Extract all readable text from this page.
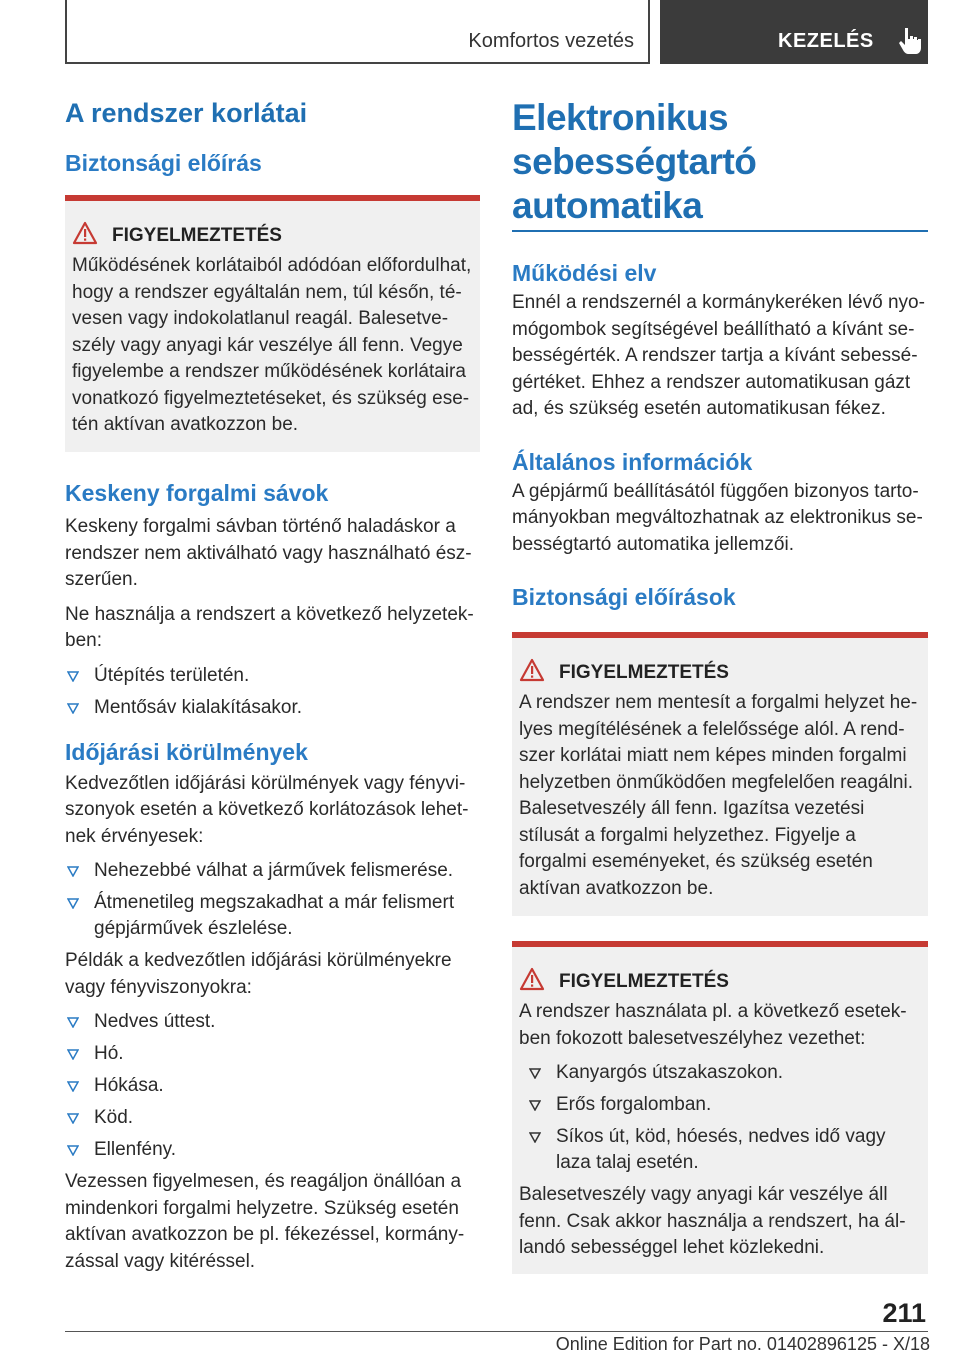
Komfortos vezetés	KEZELÉS
A rendszer korlátai
Biztonsági előírás
FIGYELMEZTETÉS

Működésének korlátaiból adódóan előfordulhat, hogy a rendszer egyáltalán nem, túl későn, tévesen vagy indokolatlanul reagál. Balesetveszély vagy anyagi kár veszélye áll fenn. Vegye figyelembe a rendszer működésének korlátaira vonatkozó figyelmeztetéseket, és szükség esetén aktívan avatkozzon be.

Keskeny forgalmi sávok

Keskeny forgalmi sávban történő haladáskor a rendszer nem aktiválható vagy használható észszerűen.

Ne használja a rendszert a következő helyzetekben:

Útépítés területén.
Mentősáv kialakításakor.
Időjárási körülmények

Kedvezőtlen időjárási körülmények vagy fényviszonyok esetén a következő korlátozások lehetnek érvényesek:

Nehezebbé válhat a járművek felismerése.
Átmenetileg megszakadhat a már felismert gépjárművek észlelése.

Példák a kedvezőtlen időjárási körülményekre vagy fényviszonyokra:

Nedves úttest.
Hó.
Hókása.
Köd.
Ellenfény.

Vezessen figyelmesen, és reagáljon önállóan a mindenkori forgalmi helyzetre. Szükség esetén aktívan avatkozzon be pl. fékezéssel, kormányzással vagy kitéréssel.

Elektronikus sebességtartó automatika
Működési elv

Ennél a rendszernél a kormánykeréken lévő nyomógombok segítségével beállítható a kívánt sebességérték. A rendszer tartja a kívánt sebességértéket. Ehhez a rendszer automatikusan gázt ad, és szükség esetén automatikusan fékez.

Általános információk

A gépjármű beállításától függően bizonyos tartományokban megváltozhatnak az elektronikus sebességtartó automatika jellemzői.

Biztonsági előírások
FIGYELMEZTETÉS

A rendszer nem mentesít a forgalmi helyzet helyes megítélésének a felelőssége alól. A rendszer korlátai miatt nem képes minden forgalmi helyzetben önműködően megfelelően reagálni. Balesetveszély áll fenn. Igazítsa vezetési stílusát a forgalmi helyzethez. Figyelje a forgalmi eseményeket, és szükség esetén aktívan avatkozzon be.

FIGYELMEZTETÉS

A rendszer használata pl. a következő esetekben fokozott balesetveszélyhez vezethet:

Kanyargós útszakaszokon.
Erős forgalomban.
Síkos út, köd, hóesés, nedves idő vagy laza talaj esetén.

Balesetveszély vagy anyagi kár veszélye áll fenn. Csak akkor használja a rendszert, ha állandó sebességgel lehet közlekedni.

211
Online Edition for Part no. 01402896125 - X/18
